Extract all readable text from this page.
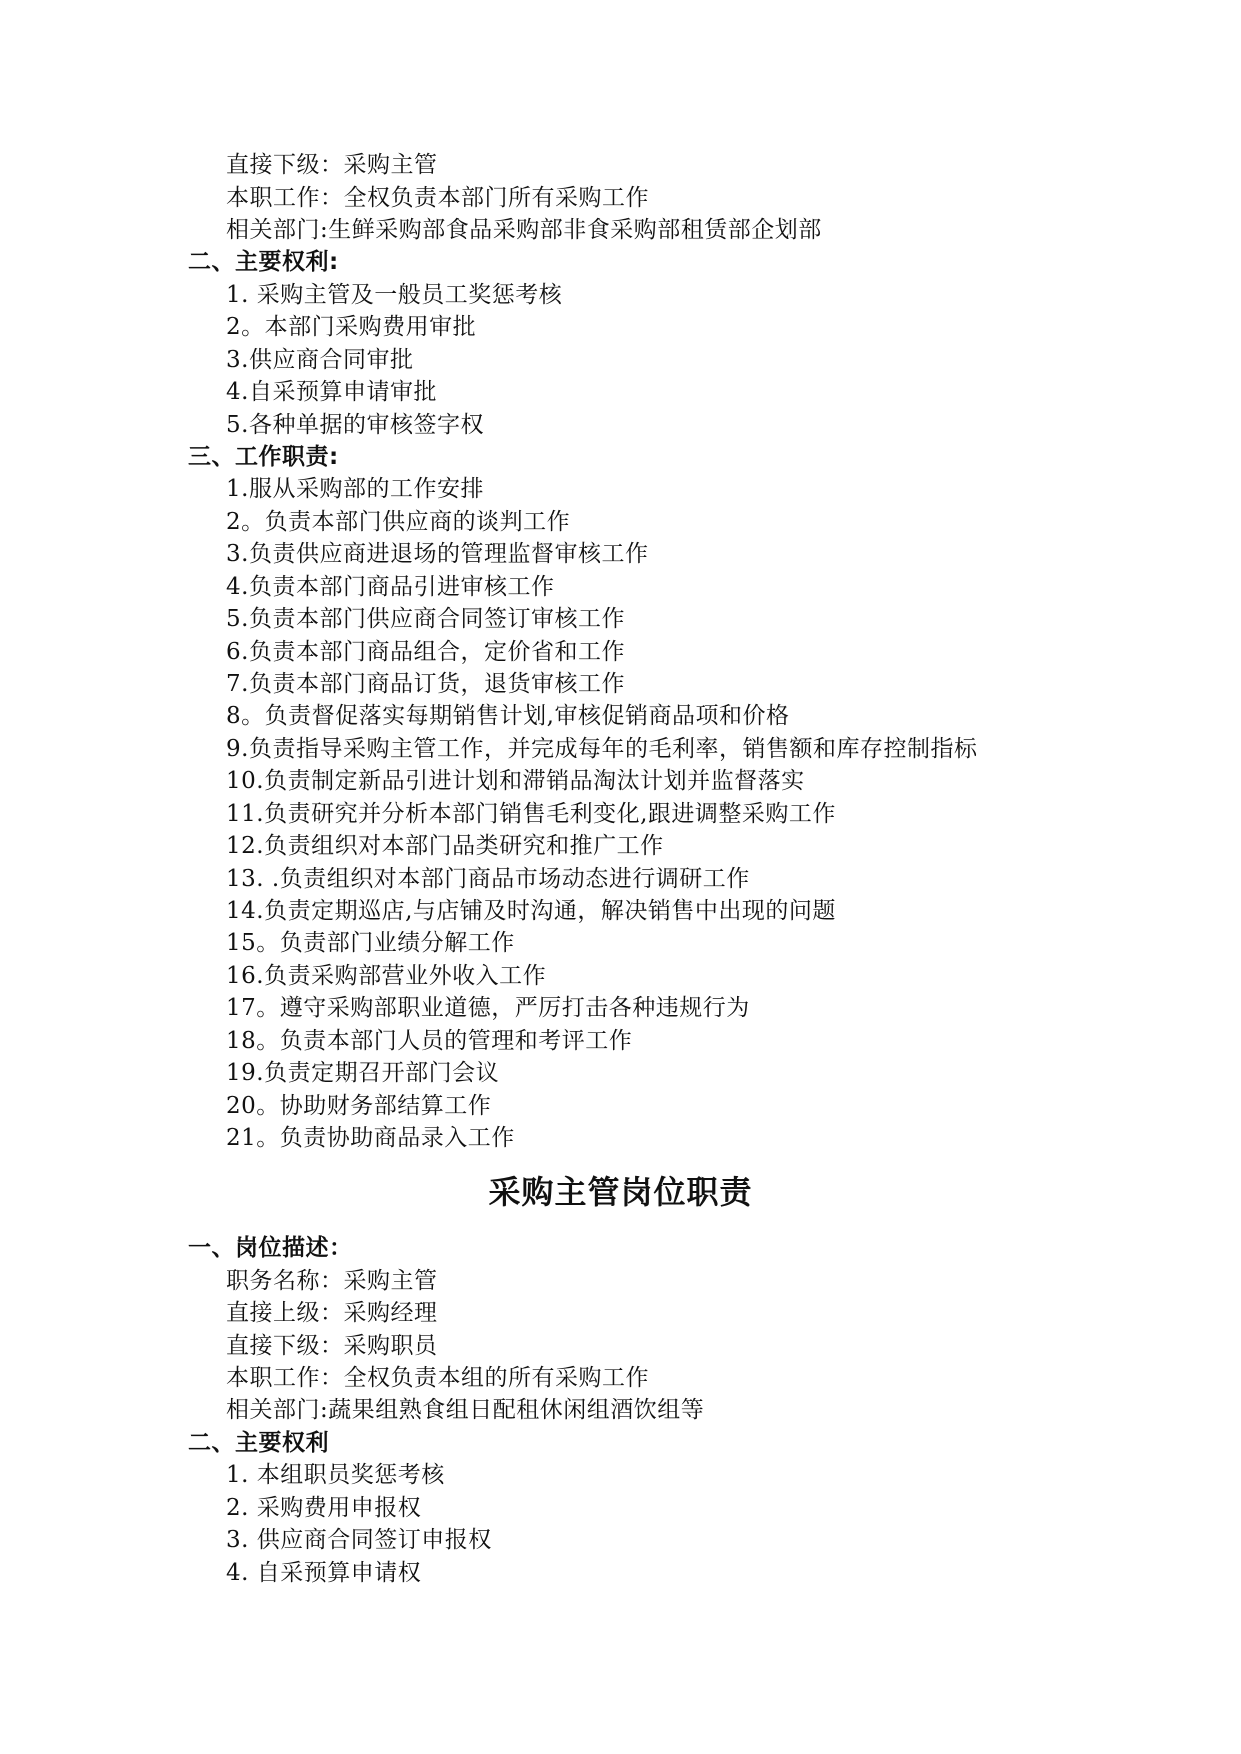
直接下级：采购主管
本职工作：全权负责本部门所有采购工作
相关部门:生鲜采购部食品采购部非食采购部租赁部企划部
二、主要权利:
1. 采购主管及一般员工奖惩考核
2。本部门采购费用审批
3.供应商合同审批
4.自采预算申请审批
5.各种单据的审核签字权
三、工作职责:
1.服从采购部的工作安排
2。负责本部门供应商的谈判工作
3.负责供应商进退场的管理监督审核工作
4.负责本部门商品引进审核工作
5.负责本部门供应商合同签订审核工作
6.负责本部门商品组合，定价省和工作
7.负责本部门商品订货，退货审核工作
8。负责督促落实每期销售计划,审核促销商品项和价格
9.负责指导采购主管工作，并完成每年的毛利率，销售额和库存控制指标
10.负责制定新品引进计划和滞销品淘汰计划并监督落实
11.负责研究并分析本部门销售毛利变化,跟进调整采购工作
12.负责组织对本部门品类研究和推广工作
13. .负责组织对本部门商品市场动态进行调研工作
14.负责定期巡店,与店铺及时沟通，解决销售中出现的问题
15。负责部门业绩分解工作
16.负责采购部营业外收入工作
17。遵守采购部职业道德，严厉打击各种违规行为
18。负责本部门人员的管理和考评工作
19.负责定期召开部门会议
20。协助财务部结算工作
21。负责协助商品录入工作
采购主管岗位职责
一、岗位描述：
职务名称：采购主管
直接上级：采购经理
直接下级：采购职员
本职工作：全权负责本组的所有采购工作
相关部门:蔬果组熟食组日配租休闲组酒饮组等
二、主要权利
1. 本组职员奖惩考核
2. 采购费用申报权
3. 供应商合同签订申报权
4. 自采预算申请权
